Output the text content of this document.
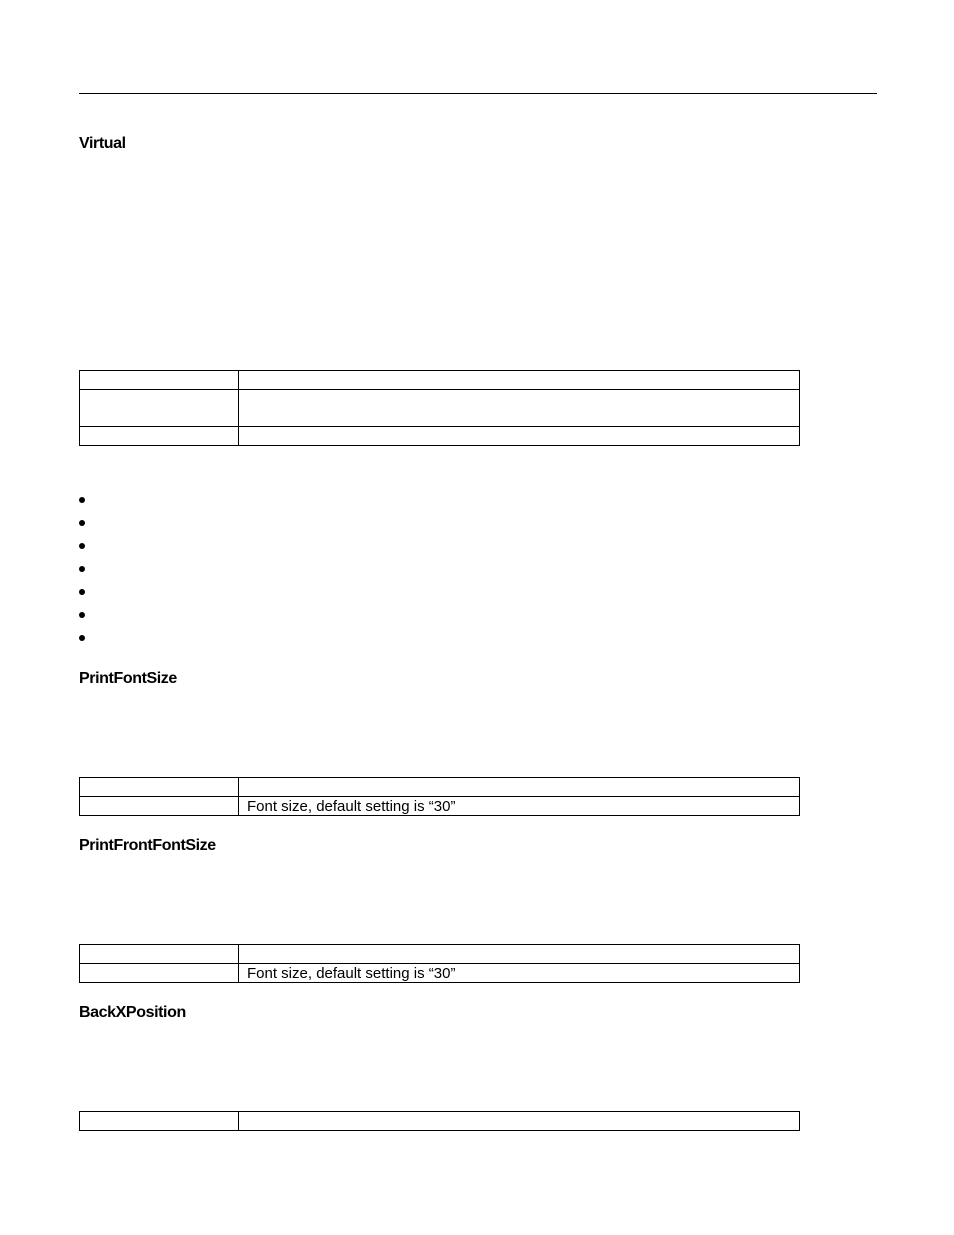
Virtual

PrintFontSize

	Font size, default setting is “30”
PrintFrontFontSize

	Font size, default setting is “30”
BackXPosition
